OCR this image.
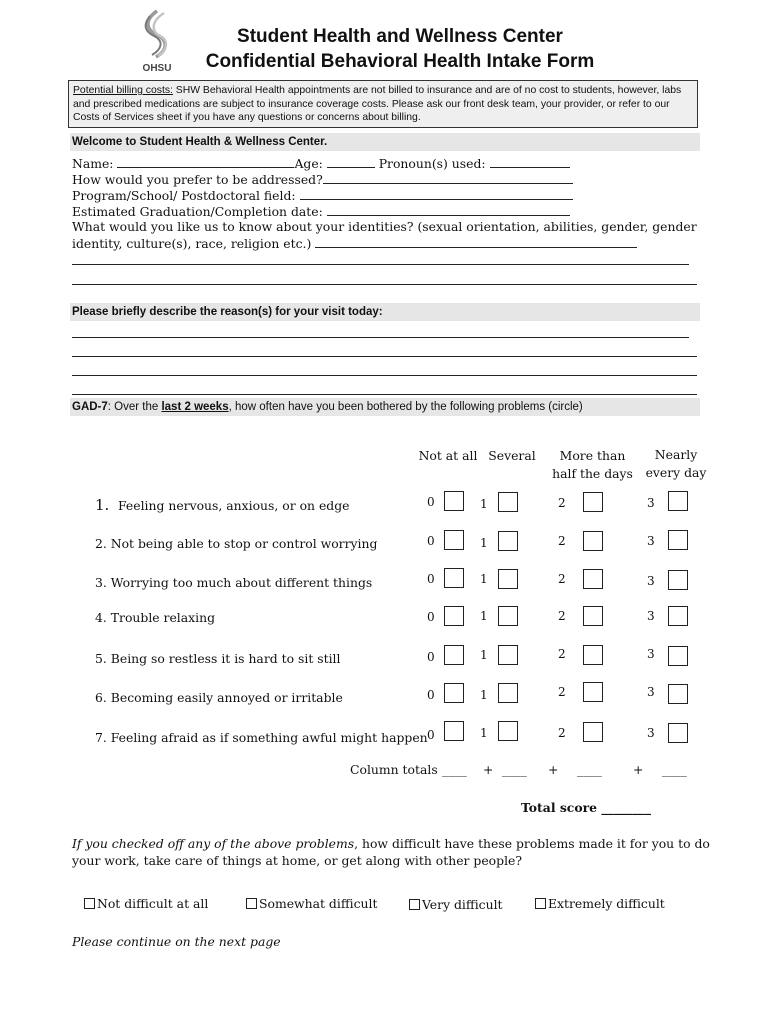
OHSU
Student Health and Wellness Center
Confidential Behavioral Health Intake Form
Potential billing costs: SHW Behavioral Health appointments are not billed to insurance and are of no cost to students, however, labs and prescribed medications are subject to insurance coverage costs. Please ask our front desk team, your provider, or refer to our Costs of Services sheet if you have any questions or concerns about billing.
Welcome to Student Health & Wellness Center.
Name:	Age:	Pronoun(s) used:
How would you prefer to be addressed?
Program/School/ Postdoctoral field:
Estimated Graduation/Completion date:
What would you like us to know about your identities? (sexual orientation, abilities, gender, gender
identity, culture(s), race, religion etc.)
Please briefly describe the reason(s) for your visit today:
GAD-7: Over the last 2 weeks, how often have you been bothered by the following problems (circle)
Not at all Several	More than
half the days
Nearly
every day
1. Feeling nervous, anxious, or on edge	0	1	2	3
2. Not being able to stop or control worrying	0	1	2	3
3. Worrying too much about different things	0	1	2	3
4. Trouble relaxing	0	1	2	3
5. Being so restless it is hard to sit still	0	1	2	3
6. Becoming easily annoyed or irritable	0	1	2	3
7. Feeling afraid as if something awful might happen 0	1	2	3
Column totals ____ + ____ + ____	+ ____
Total score ________
If you checked off any of the above problems, how difficult have these problems made it for you to do
your work, take care of things at home, or get along with other people?
Not difficult at all	Somewhat difficult	Very difficult	Extremely difficult
Please continue on the next page
